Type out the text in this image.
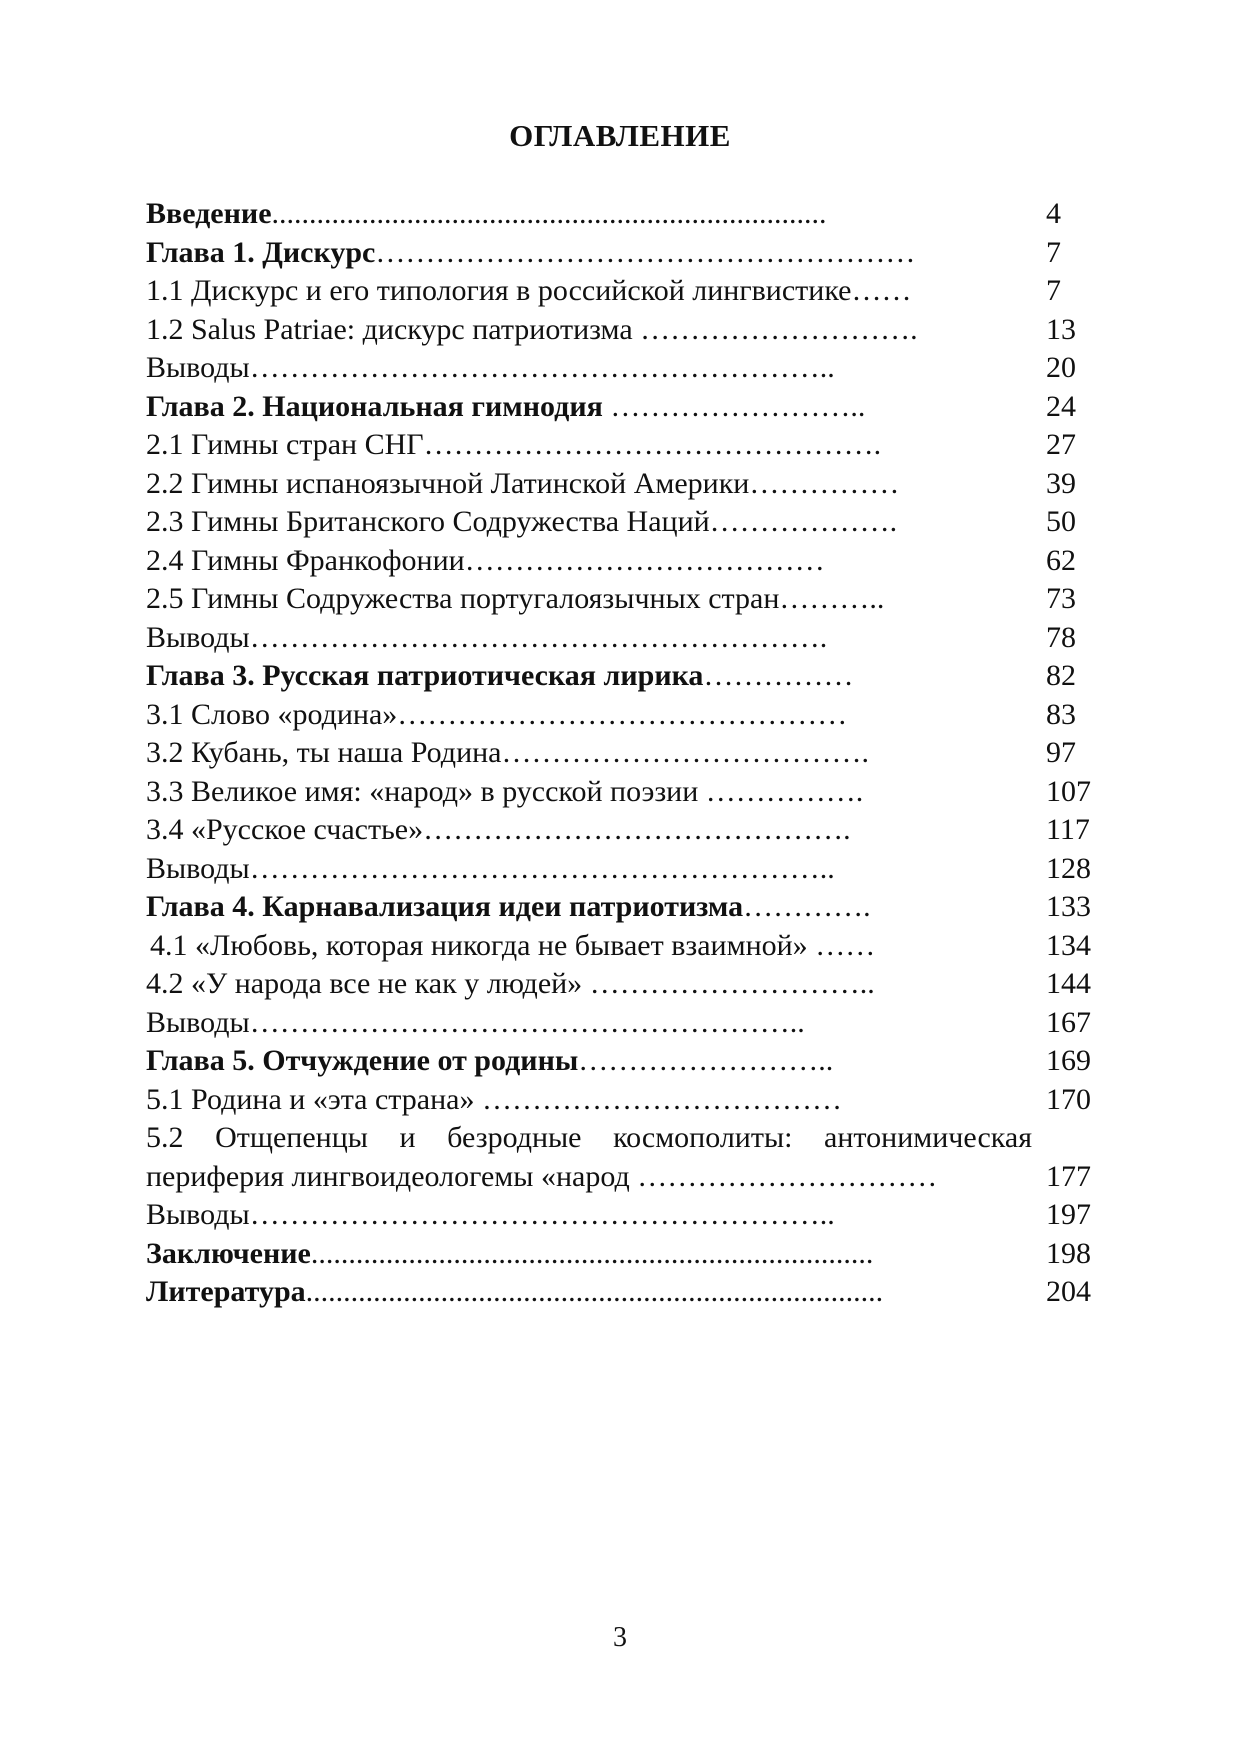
ОГЛАВЛЕНИЕ
Введение..........................................................................	4
Глава 1. Дискурс………………………………………………	7
1.1 Дискурс и его типология в российской лингвистике……	7
1.2 Salus Patriae: дискурс патриотизма ……………………….	13
Выводы…………………………………………………..	20
Глава 2. Национальная гимнодия ……………………..	24
2.1 Гимны стран СНГ……………………………………….	27
2.2 Гимны испаноязычной Латинской Америки……………	39
2.3 Гимны Британского Содружества Наций……………….	50
2.4 Гимны Франкофонии………………………………	62
2.5 Гимны Содружества португалоязычных стран………..	73
Выводы………………………………………………….	78
Глава 3. Русская патриотическая лирика……………	82
3.1 Слово «родина»………………………………………	83
3.2 Кубань, ты наша Родина……………………………….	97
3.3 Великое имя: «народ» в русской поэзии …………….	107
3.4 «Русское счастье»…………………………………….	117
Выводы…………………………………………………..	128
Глава 4. Карнавализация идеи патриотизма………….	133
4.1 «Любовь, которая никогда не бывает взаимной» ……	134
4.2 «У народа все не как у людей» ………………………..	144
Выводы………………………………………………..	167
Глава 5. Отчуждение от родины……………………..	169
5.1 Родина и «эта страна» ………………………………	170
5.2 Отщепенцы и безродные космополиты: антонимическая
периферия лингвоидеологемы «народ …………………………	177
Выводы…………………………………………………..	197
Заключение...........................................................................	198
Литература.............................................................................	204
3
